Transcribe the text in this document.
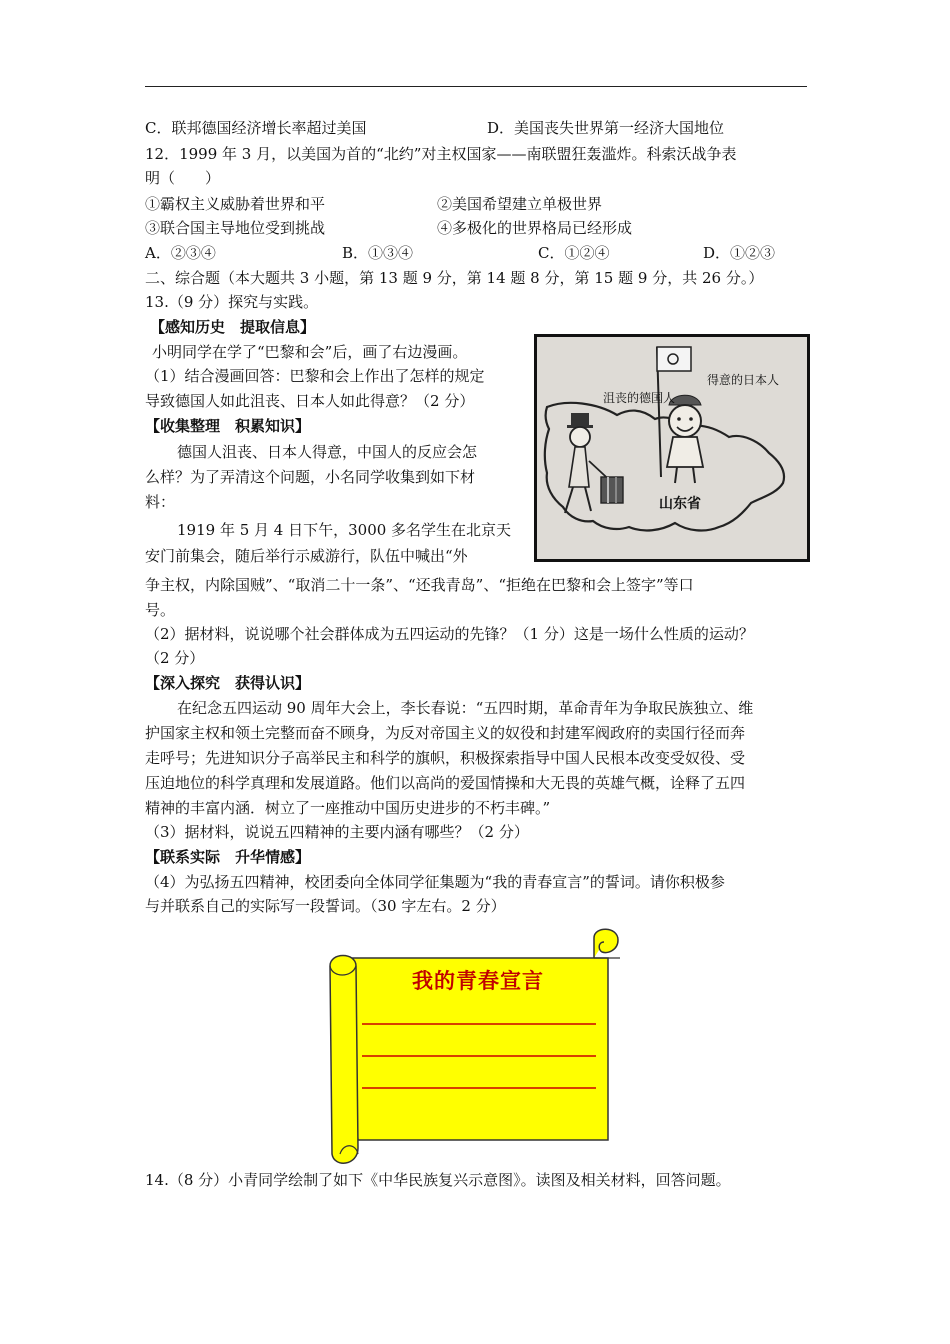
C．联邦德国经济增长率超过美国	D．美国丧失世界第一经济大国地位
12．1999 年 3 月，以美国为首的“北约”对主权国家——南联盟狂轰滥炸。科索沃战争表
明（　　）
①霸权主义威胁着世界和平	②美国希望建立单极世界
③联合国主导地位受到挑战	④多极化的世界格局已经形成
A．②③④	B．①③④	C．①②④	D．①②③
二、综合题（本大题共 3 小题，第 13 题 9 分，第 14 题 8 分，第 15 题 9 分，共 26 分。）
13.（9 分）探究与实践。
【感知历史　提取信息】
小明同学在学了“巴黎和会”后，画了右边漫画。
（1）结合漫画回答：巴黎和会上作出了怎样的规定
导致德国人如此沮丧、日本人如此得意？（2 分）
【收集整理　积累知识】
德国人沮丧、日本人得意，中国人的反应会怎
么样？为了弄清这个问题，小名同学收集到如下材
料：
1919 年 5 月 4 日下午，3000 多名学生在北京天
安门前集会，随后举行示威游行，队伍中喊出“外
争主权，内除国贼”、“取消二十一条”、“还我青岛”、“拒绝在巴黎和会上签字”等口
号。
（2）据材料，说说哪个社会群体成为五四运动的先锋？（1 分）这是一场什么性质的运动？
（2 分）
【深入探究　获得认识】
在纪念五四运动 90 周年大会上，李长春说：“五四时期，革命青年为争取民族独立、维
护国家主权和领土完整而奋不顾身，为反对帝国主义的奴役和封建军阀政府的卖国行径而奔
走呼号；先进知识分子高举民主和科学的旗帜，积极探索指导中国人民根本改变受奴役、受
压迫地位的科学真理和发展道路。他们以高尚的爱国情操和大无畏的英雄气概，诠释了五四
精神的丰富内涵．树立了一座推动中国历史进步的不朽丰碑。”
（3）据材料，说说五四精神的主要内涵有哪些？（2 分）
【联系实际　升华情感】
（4）为弘扬五四精神，校团委向全体同学征集题为“我的青春宣言”的誓词。请你积极参
与并联系自己的实际写一段誓词。（30 字左右。2 分）
14.（8 分）小青同学绘制了如下《中华民族复兴示意图》。读图及相关材料，回答问题。
沮丧的德国人
得意的日本人
山东省
我的青春宣言
